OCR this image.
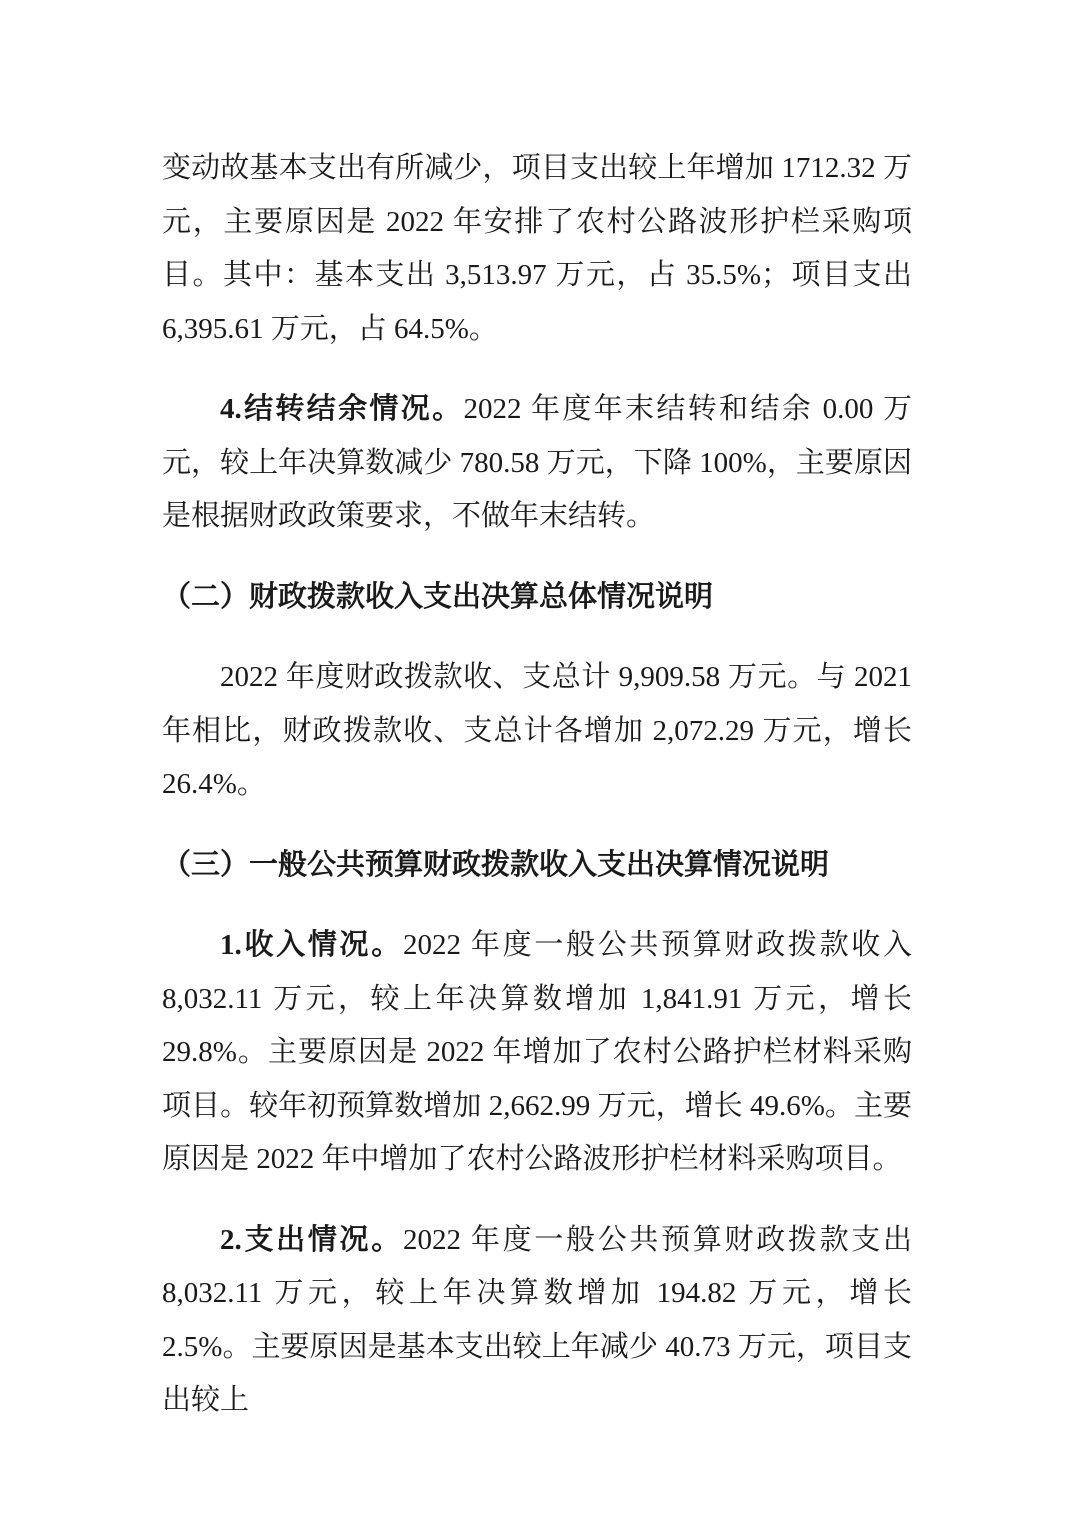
变动故基本支出有所减少，项目支出较上年增加 1712.32 万元，主要原因是 2022 年安排了农村公路波形护栏采购项目。其中：基本支出 3,513.97 万元，占 35.5%；项目支出 6,395.61 万元，占 64.5%。

4.结转结余情况。2022 年度年末结转和结余 0.00 万元，较上年决算数减少 780.58 万元，下降 100%，主要原因是根据财政政策要求，不做年末结转。

（二）财政拨款收入支出决算总体情况说明

2022 年度财政拨款收、支总计 9,909.58 万元。与 2021 年相比，财政拨款收、支总计各增加 2,072.29 万元，增长 26.4%。

（三）一般公共预算财政拨款收入支出决算情况说明

1.收入情况。2022 年度一般公共预算财政拨款收入 8,032.11 万元，较上年决算数增加 1,841.91 万元，增长 29.8%。主要原因是 2022 年增加了农村公路护栏材料采购项目。较年初预算数增加 2,662.99 万元，增长 49.6%。主要原因是 2022 年中增加了农村公路波形护栏材料采购项目。

2.支出情况。2022 年度一般公共预算财政拨款支出 8,032.11 万元，较上年决算数增加 194.82 万元，增长 2.5%。主要原因是基本支出较上年减少 40.73 万元，项目支出较上
